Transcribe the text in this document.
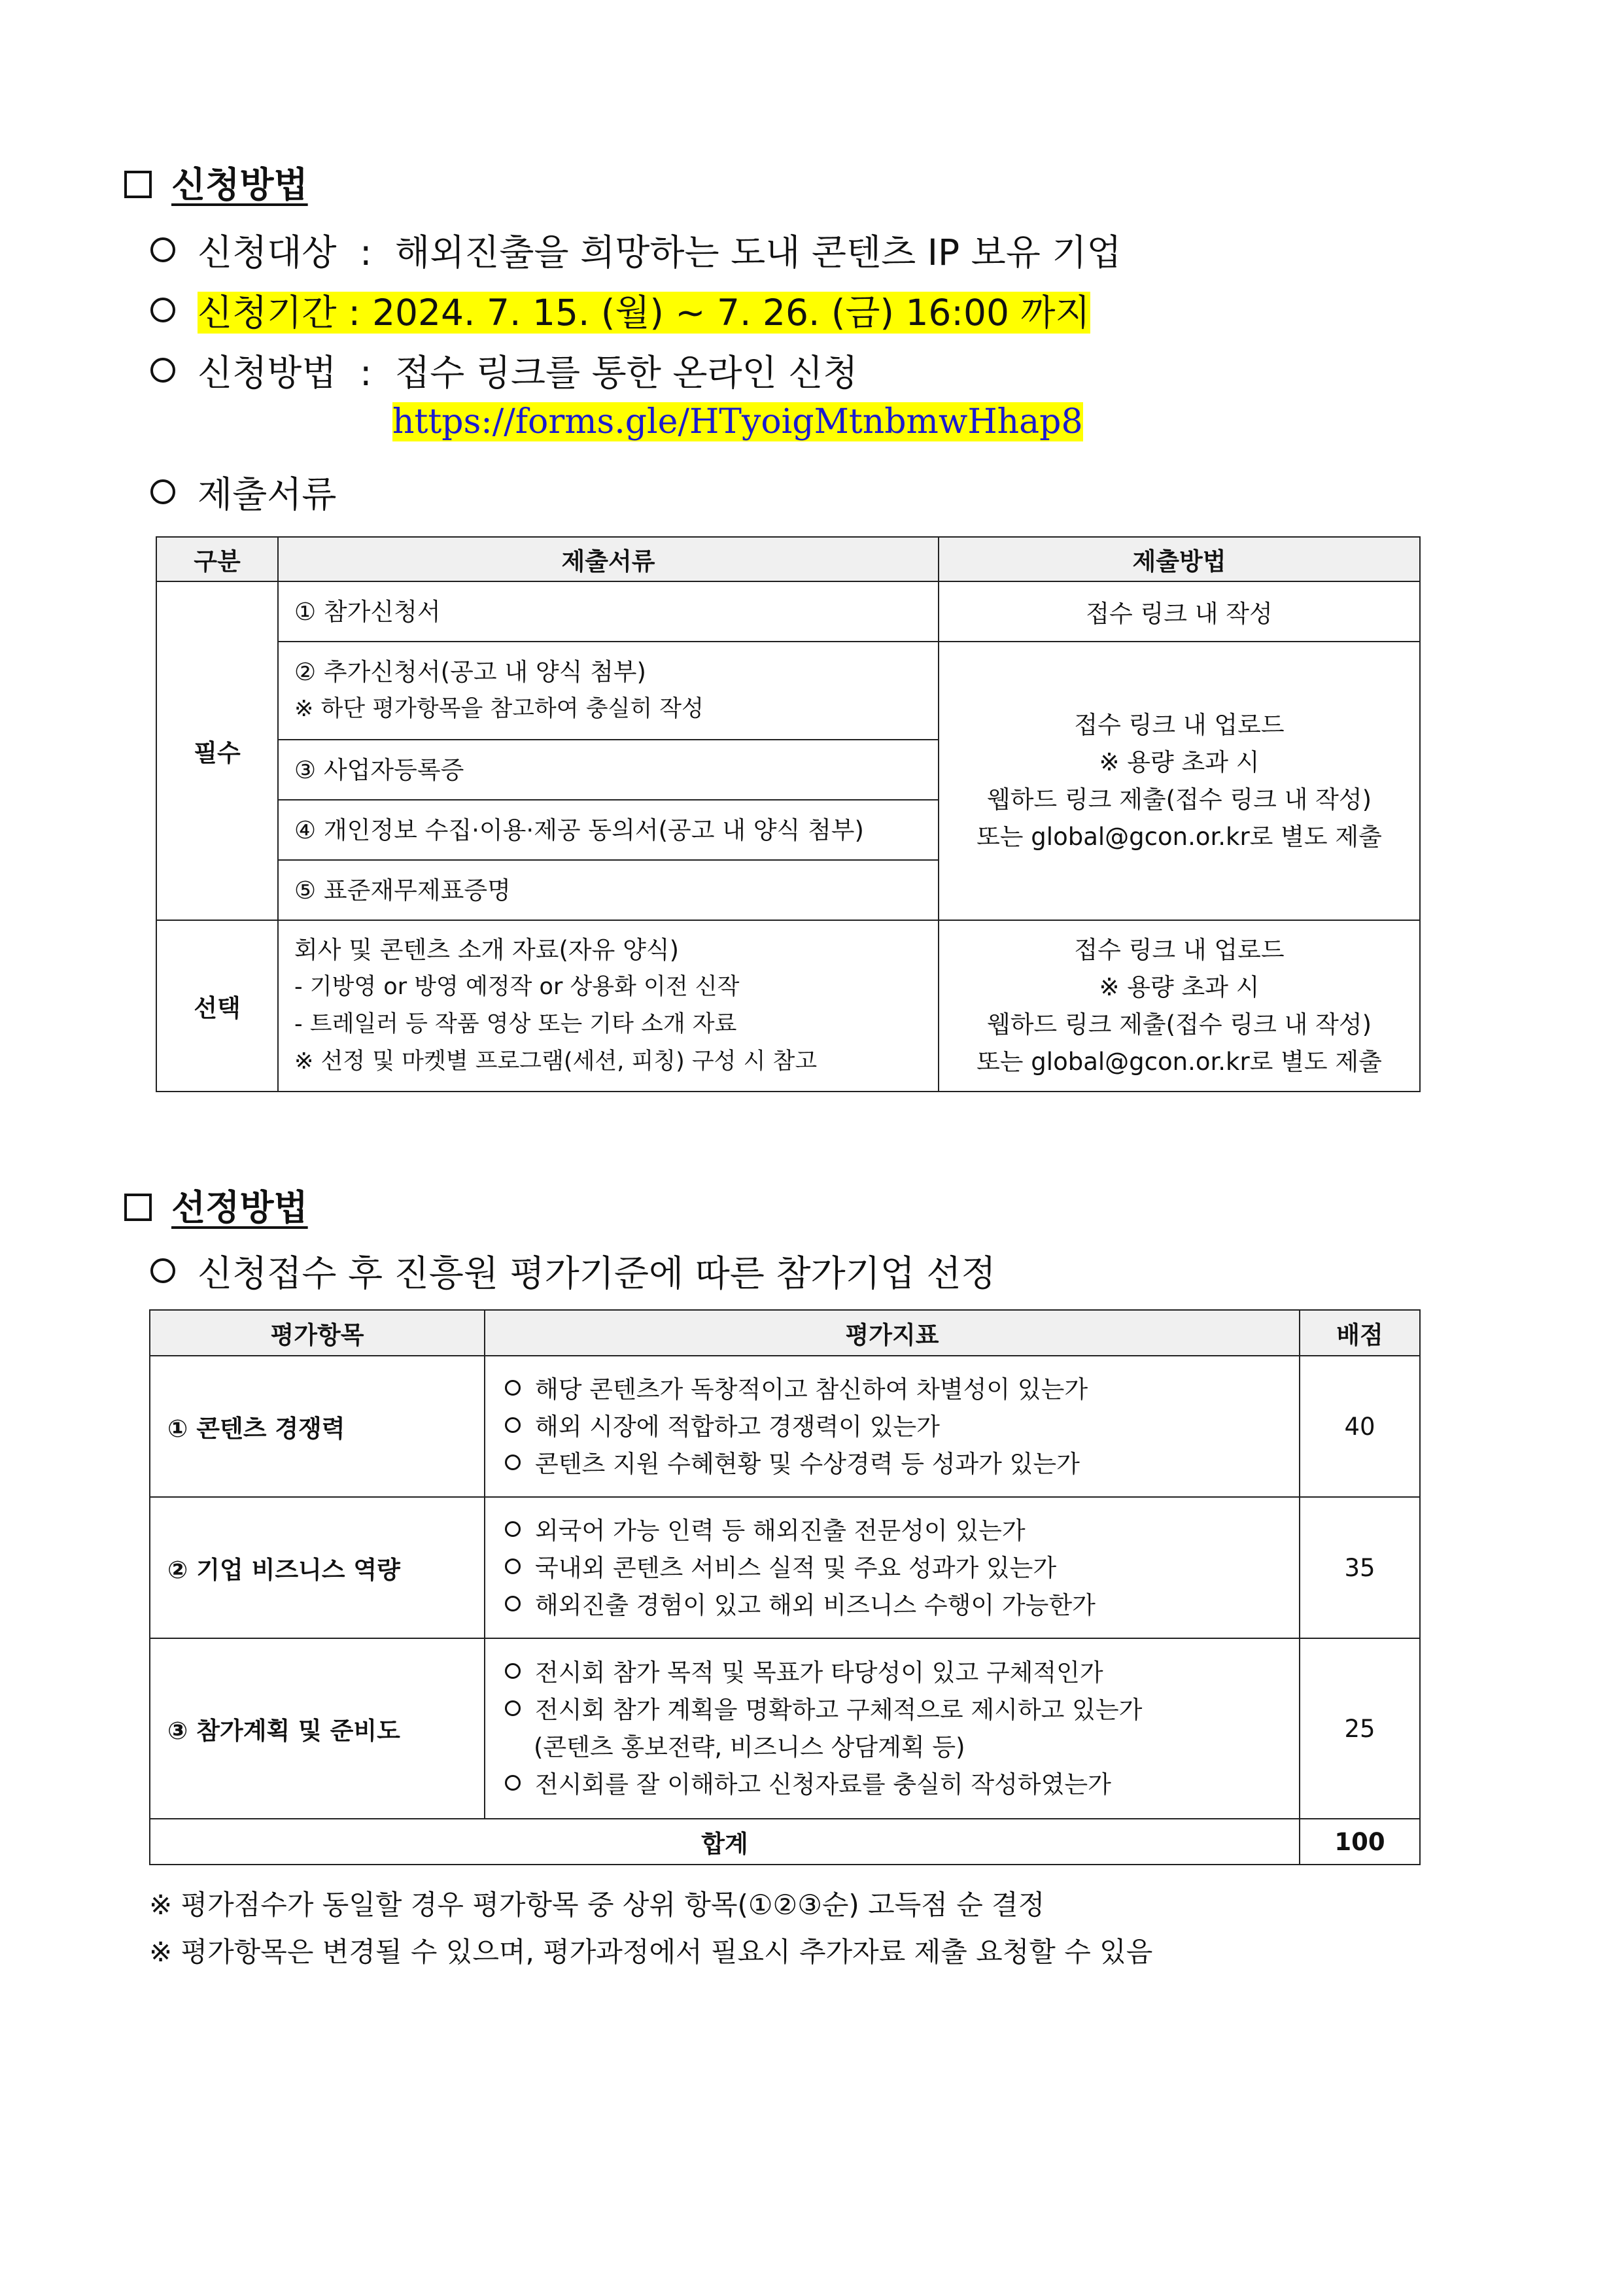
신청방법
신청대상 : 해외진출을 희망하는 도내 콘텐츠 IP 보유 기업
신청기간 : 2024. 7. 15. (월) ~ 7. 26. (금) 16:00 까지
신청방법 : 접수 링크를 통한 온라인 신청
https://forms.gle/HTyoigMtnbmwHhap8
제출서류
구분	제출서류	제출방법
필수	① 참가신청서	접수 링크 내 작성

	② 추가신청서(공고 내 양식 첨부)
※ 하단 평가항목을 참고하여 충실히 작성	접수 링크 내 업로드
※ 용량 초과 시
웹하드 링크 제출(접수 링크 내 작성)
또는 global@gcon.or.kr로 별도 제출

	③ 사업자등록증	

	④ 개인정보 수집·이용·제공 동의서(공고 내 양식 첨부)	

	⑤ 표준재무제표증명	

선택	회사 및 콘텐츠 소개 자료(자유 양식)
- 기방영 or 방영 예정작 or 상용화 이전 신작
- 트레일러 등 작품 영상 또는 기타 소개 자료
※ 선정 및 마켓별 프로그램(세션, 피칭) 구성 시 참고	접수 링크 내 업로드
※ 용량 초과 시
웹하드 링크 제출(접수 링크 내 작성)
또는 global@gcon.or.kr로 별도 제출
선정방법
신청접수 후 진흥원 평가기준에 따른 참가기업 선정
평가항목	평가지표	배점
① 콘텐츠 경쟁력	해당 콘텐츠가 독창적이고 참신하여 차별성이 있는가
해외 시장에 적합하고 경쟁력이 있는가
콘텐츠 지원 수혜현황 및 수상경력 등 성과가 있는가	40
② 기업 비즈니스 역량	외국어 가능 인력 등 해외진출 전문성이 있는가
국내외 콘텐츠 서비스 실적 및 주요 성과가 있는가
해외진출 경험이 있고 해외 비즈니스 수행이 가능한가	35
③ 참가계획 및 준비도	전시회 참가 목적 및 목표가 타당성이 있고 구체적인가
전시회 참가 계획을 명확하고 구체적으로 제시하고 있는가
(콘텐츠 홍보전략, 비즈니스 상담계획 등)
전시회를 잘 이해하고 신청자료를 충실히 작성하였는가	25
합계		100
※ 평가점수가 동일할 경우 평가항목 중 상위 항목(①②③순) 고득점 순 결정
※ 평가항목은 변경될 수 있으며, 평가과정에서 필요시 추가자료 제출 요청할 수 있음
